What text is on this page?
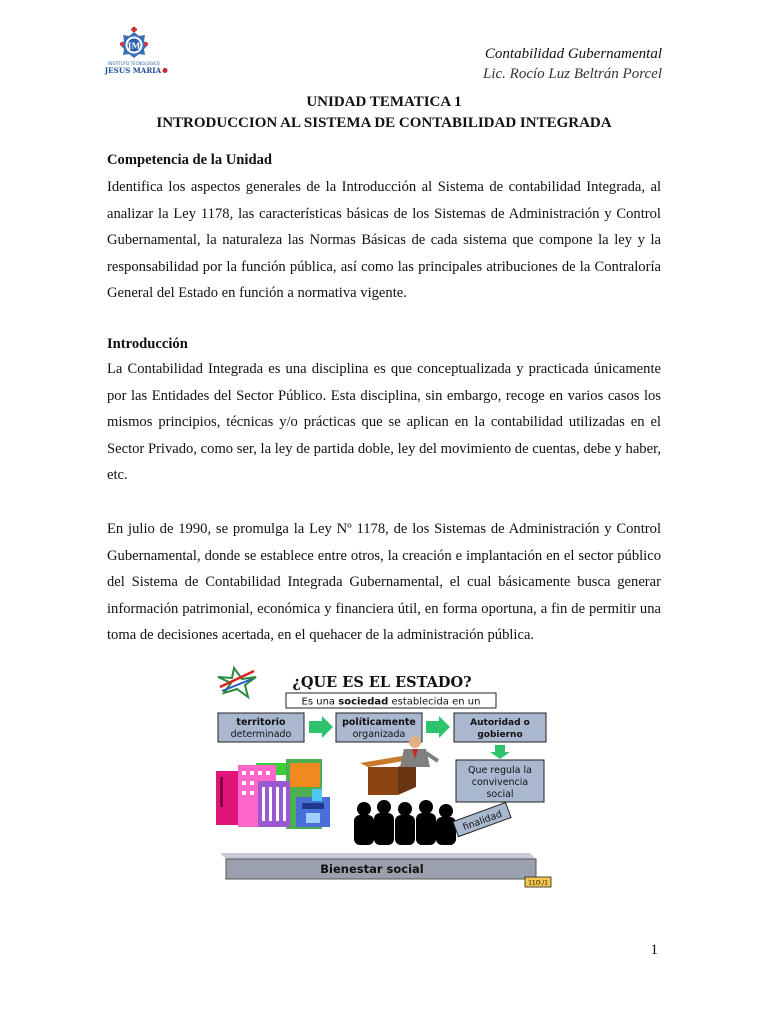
JM
INSTITUTO TECNOLÓGICO
JESUS MARIA
Contabilidad Gubernamental
Lic. Rocío Luz Beltrán Porcel
UNIDAD TEMATICA 1
INTRODUCCION AL SISTEMA DE CONTABILIDAD INTEGRADA

Competencia de la Unidad

Identifica los aspectos generales de la Introducción al Sistema de contabilidad Integrada, al analizar la Ley 1178, las características básicas de los Sistemas de Administración y Control Gubernamental, la naturaleza las Normas Básicas de cada sistema que compone la ley y la responsabilidad por la función pública, así como las principales atribuciones de la Contraloría General del Estado en función a normativa vigente.

Introducción

La Contabilidad Integrada es una disciplina es que conceptualizada y practicada únicamente por las Entidades del Sector Público. Esta disciplina, sin embargo, recoge en varios casos los mismos principios, técnicas y/o prácticas que se aplican en la contabilidad utilizadas en el Sector Privado, como ser, la ley de partida doble, ley del movimiento de cuentas, debe y haber, etc.

En julio de 1990, se promulga la Ley Nº 1178, de los Sistemas de Administración y Control Gubernamental, donde se establece entre otros, la creación e implantación en el sector público del Sistema de Contabilidad Integrada Gubernamental, el cual básicamente busca generar información patrimonial, económica y financiera útil, en forma oportuna, a fin de permitir una toma de decisiones acertada, en el quehacer de la administración pública.

¿QUE ES EL ESTADO?
Es una sociedad establecida en un
territorio
determinado
políticamente
organizada
Autoridad o
gobierno
Que regula la
convivencia
social
finalidad
Bienestar social
11O./1
1
